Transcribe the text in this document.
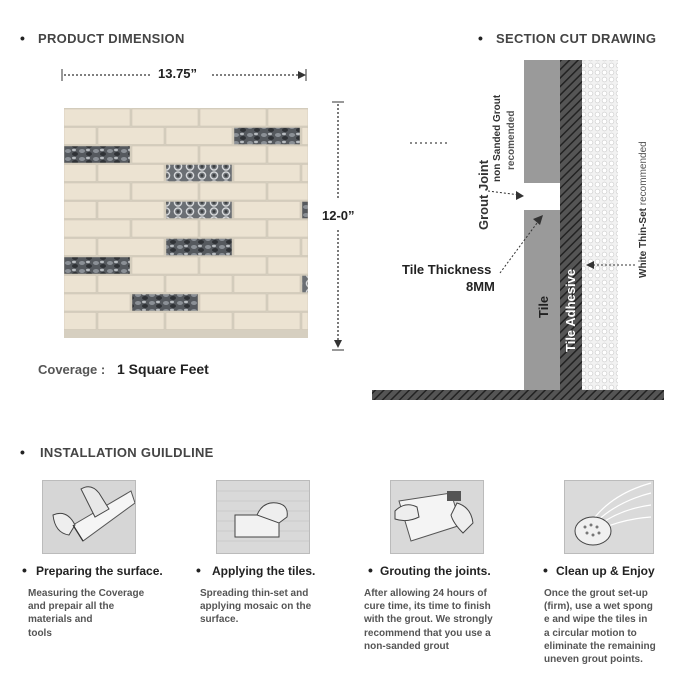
• PRODUCT DIMENSION	• SECTION CUT DRAWING
13.75”
12-0”
Coverage : 1 Square Feet
Grout Joint
non Sanded Grout recomended
Tile Thickness
8MM
Tile Tile Adhesive
White Thin-Set recommended
• INSTALLATION GUILDLINE
• Preparing the surface. • Applying the tiles.	• Grouting the joints.	• Clean up & Enjoy
Measuring the Coverage
and prepair all the
materials and
tools
Spreading thin-set and
applying mosaic on the
surface.
After allowing 24 hours of
cure time, its time to finish
with the grout. We strongly
recommend that you use a
non-sanded grout
Once the grout set-up
(firm), use a wet spong
e and wipe the tiles in
a circular motion to
eliminate the remaining
uneven grout points.
